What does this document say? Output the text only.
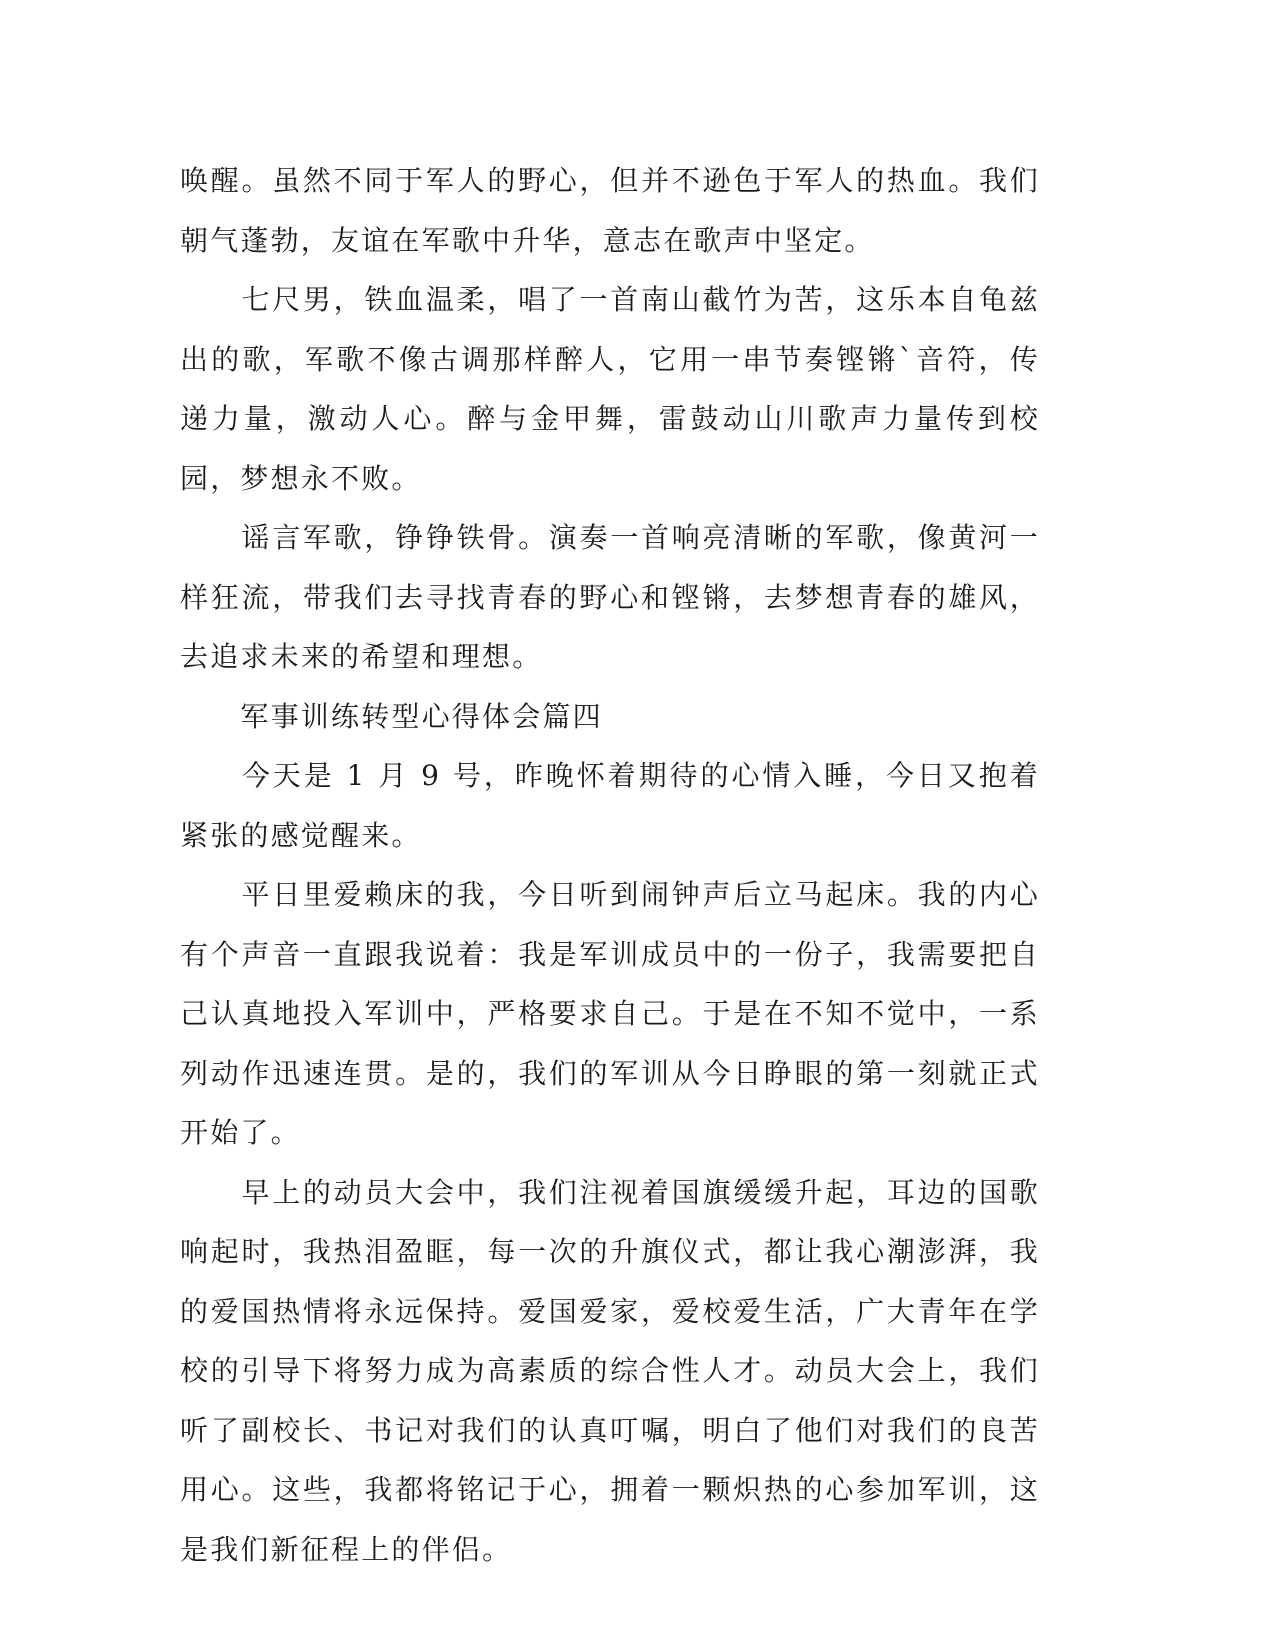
唤醒。虽然不同于军人的野心，但并不逊色于军人的热血。我们朝气蓬勃，友谊在军歌中升华，意志在歌声中坚定。

　　七尺男，铁血温柔，唱了一首南山截竹为苦，这乐本自龟兹出的歌，军歌不像古调那样醉人，它用一串节奏铿锵`音符，传递力量，激动人心。醉与金甲舞，雷鼓动山川歌声力量传到校园，梦想永不败。

　　谣言军歌，铮铮铁骨。演奏一首响亮清晰的军歌，像黄河一样狂流，带我们去寻找青春的野心和铿锵，去梦想青春的雄风，去追求未来的希望和理想。

　　军事训练转型心得体会篇四

　　今天是 1 月 9 号，昨晚怀着期待的心情入睡，今日又抱着紧张的感觉醒来。

　　平日里爱赖床的我，今日听到闹钟声后立马起床。我的内心有个声音一直跟我说着：我是军训成员中的一份子，我需要把自己认真地投入军训中，严格要求自己。于是在不知不觉中，一系列动作迅速连贯。是的，我们的军训从今日睁眼的第一刻就正式开始了。

　　早上的动员大会中，我们注视着国旗缓缓升起，耳边的国歌响起时，我热泪盈眶，每一次的升旗仪式，都让我心潮澎湃，我的爱国热情将永远保持。爱国爱家，爱校爱生活，广大青年在学校的引导下将努力成为高素质的综合性人才。动员大会上，我们听了副校长、书记对我们的认真叮嘱，明白了他们对我们的良苦用心。这些，我都将铭记于心，拥着一颗炽热的心参加军训，这是我们新征程上的伴侣。
